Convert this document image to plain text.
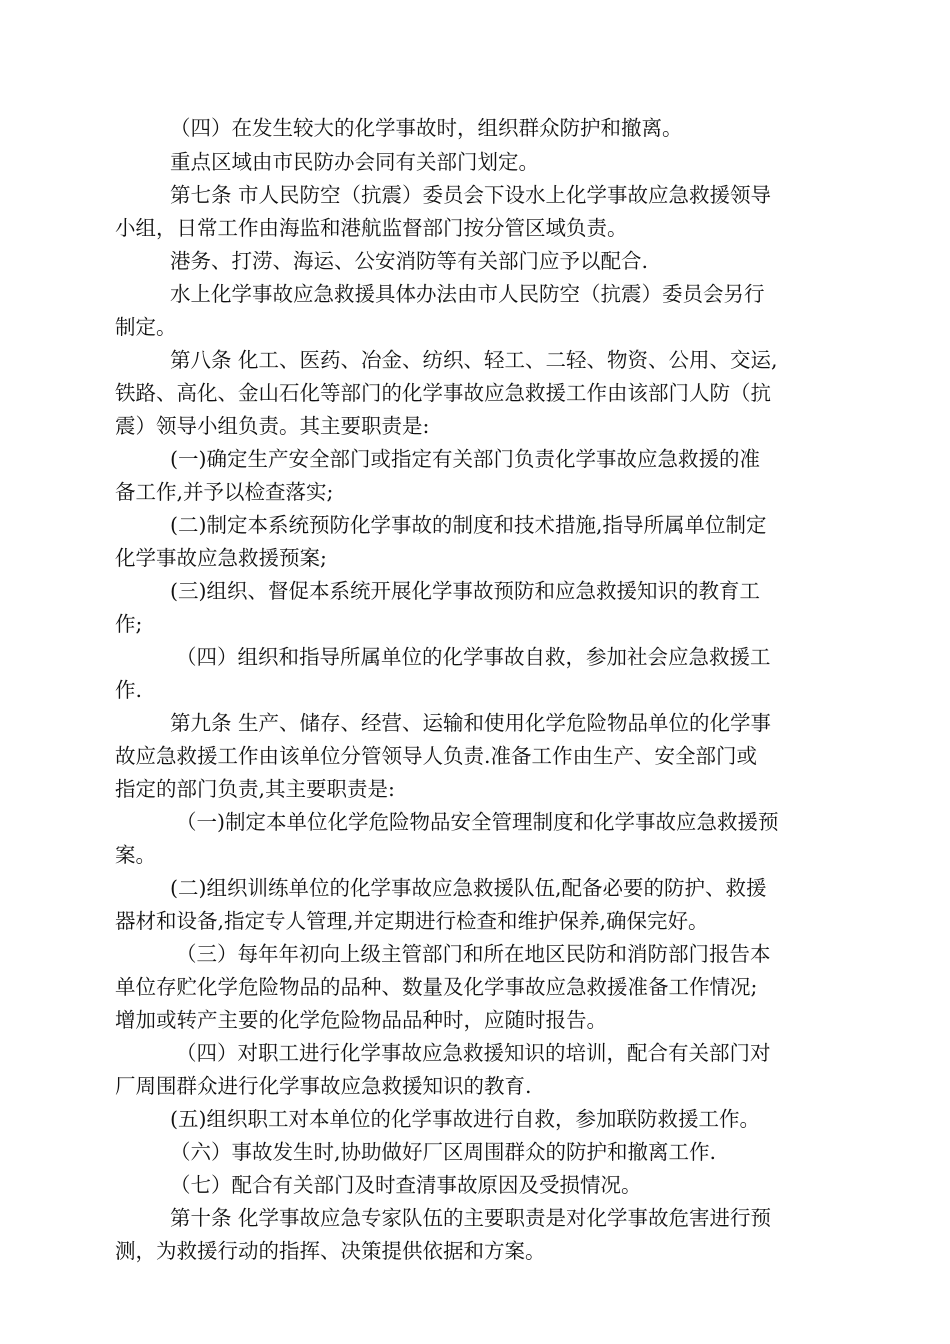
（四）在发生较大的化学事故时，组织群众防护和撤离。
重点区域由市民防办会同有关部门划定。
第七条 市人民防空（抗震）委员会下设水上化学事故应急救援领导
小组，日常工作由海监和港航监督部门按分管区域负责。
港务、打涝、海运、公安消防等有关部门应予以配合.
水上化学事故应急救援具体办法由市人民防空（抗震）委员会另行
制定。
第八条 化工、医药、冶金、纺织、轻工、二轻、物资、公用、交运,
铁路、高化、金山石化等部门的化学事故应急救援工作由该部门人防（抗
震）领导小组负责。其主要职责是:
(一)确定生产安全部门或指定有关部门负责化学事故应急救援的准
备工作,并予以检查落实;
(二)制定本系统预防化学事故的制度和技术措施,指导所属单位制定
化学事故应急救援预案;
(三)组织、督促本系统开展化学事故预防和应急救援知识的教育工
作;
（四）组织和指导所属单位的化学事故自救，参加社会应急救援工
作.
第九条 生产、储存、经营、运输和使用化学危险物品单位的化学事
故应急救援工作由该单位分管领导人负责.准备工作由生产、安全部门或
指定的部门负责,其主要职责是:
（一)制定本单位化学危险物品安全管理制度和化学事故应急救援预
案。
(二)组织训练单位的化学事故应急救援队伍,配备必要的防护、救援
器材和设备,指定专人管理,并定期进行检查和维护保养,确保完好。
（三）每年年初向上级主管部门和所在地区民防和消防部门报告本
单位存贮化学危险物品的品种、数量及化学事故应急救援准备工作情况;
增加或转产主要的化学危险物品品种时，应随时报告。
（四）对职工进行化学事故应急救援知识的培训，配合有关部门对
厂周围群众进行化学事故应急救援知识的教育.
(五)组织职工对本单位的化学事故进行自救，参加联防救援工作。
（六）事故发生时,协助做好厂区周围群众的防护和撤离工作.
（七）配合有关部门及时查清事故原因及受损情况。
第十条 化学事故应急专家队伍的主要职责是对化学事故危害进行预
测，为救援行动的指挥、决策提供依据和方案。
